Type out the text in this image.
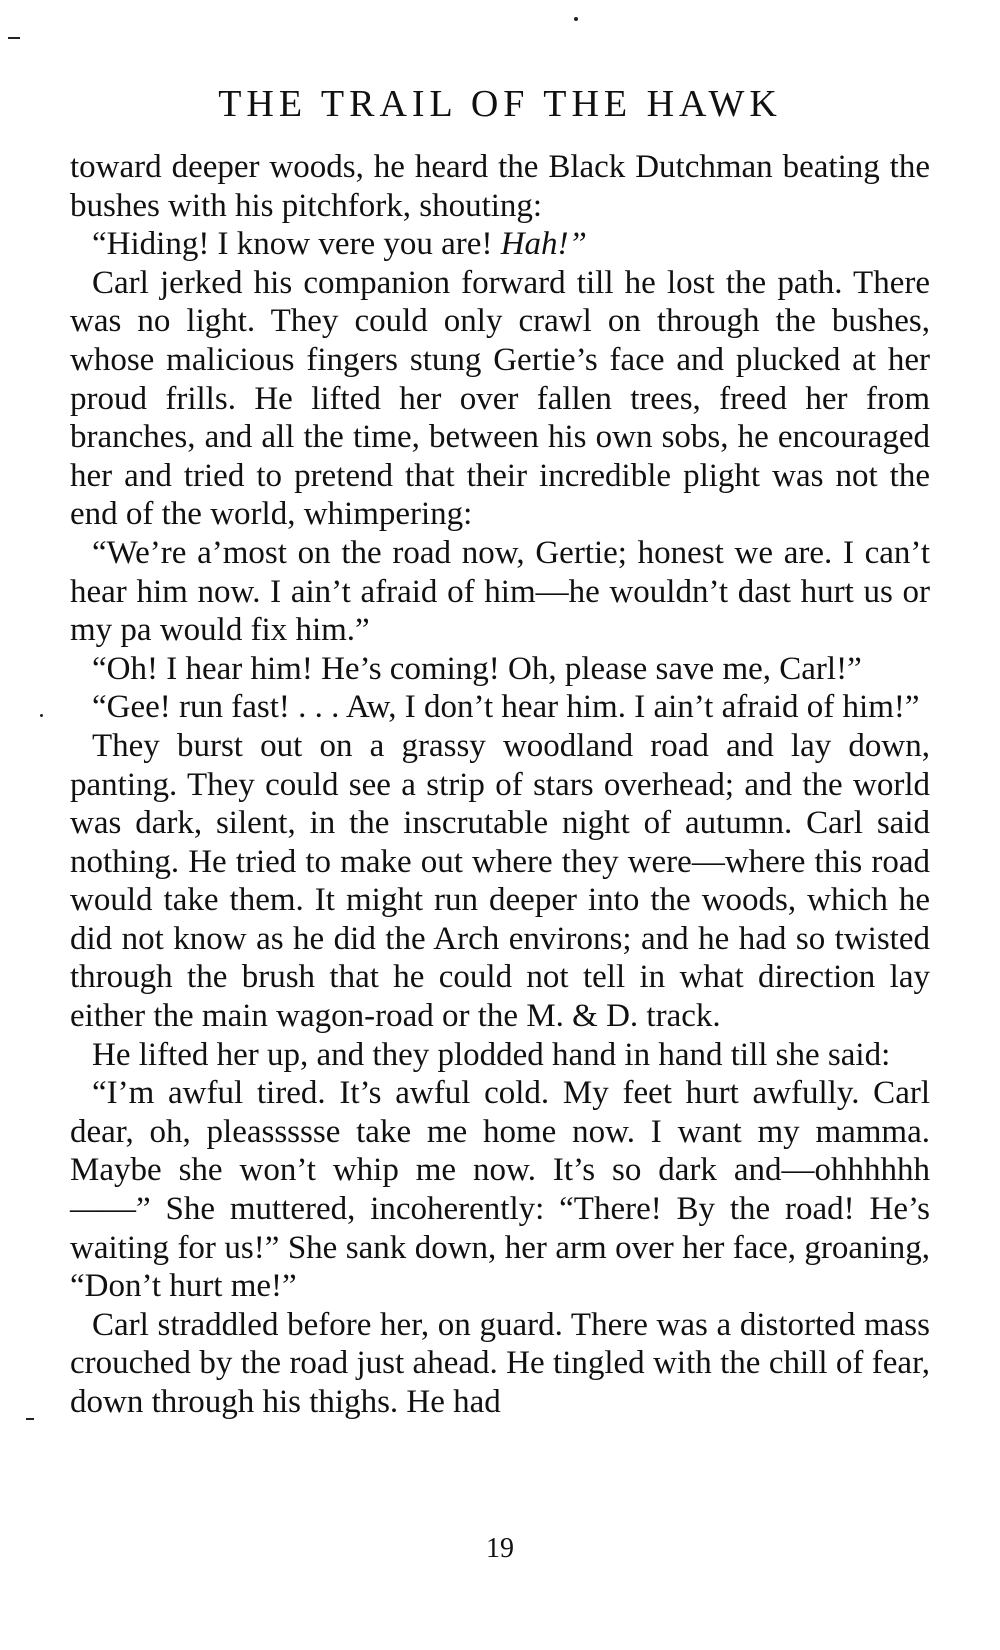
THE TRAIL OF THE HAWK

toward deeper woods, he heard the Black Dutchman beating the bushes with his pitchfork, shouting:

“Hiding! I know vere you are! Hah!”

Carl jerked his companion forward till he lost the path. There was no light. They could only crawl on through the bushes, whose malicious fingers stung Gertie’s face and plucked at her proud frills. He lifted her over fallen trees, freed her from branches, and all the time, between his own sobs, he encouraged her and tried to pretend that their incredible plight was not the end of the world, whimpering:

“We’re a’most on the road now, Gertie; honest we are. I can’t hear him now. I ain’t afraid of him—he wouldn’t dast hurt us or my pa would fix him.”

“Oh! I hear him! He’s coming! Oh, please save me, Carl!”

“Gee! run fast! . . . Aw, I don’t hear him. I ain’t afraid of him!”

They burst out on a grassy woodland road and lay down, panting. They could see a strip of stars overhead; and the world was dark, silent, in the inscrutable night of autumn. Carl said nothing. He tried to make out where they were—where this road would take them. It might run deeper into the woods, which he did not know as he did the Arch environs; and he had so twisted through the brush that he could not tell in what direction lay either the main wagon-road or the M. & D. track.

He lifted her up, and they plodded hand in hand till she said:

“I’m awful tired. It’s awful cold. My feet hurt awfully. Carl dear, oh, pleassssse take me home now. I want my mamma. Maybe she won’t whip me now. It’s so dark and—ohhhhhh——” She muttered, incoherently: “There! By the road! He’s waiting for us!” She sank down, her arm over her face, groaning, “Don’t hurt me!”

Carl straddled before her, on guard. There was a distorted mass crouched by the road just ahead. He tingled with the chill of fear, down through his thighs. He had

19
